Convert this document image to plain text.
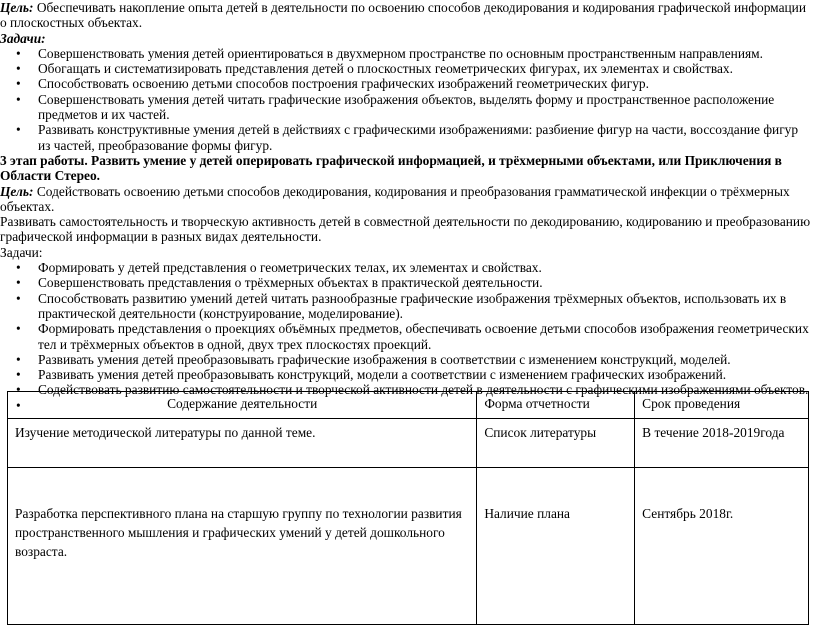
Цель: Обеспечивать накопление опыта детей в деятельности по освоению способов декодирования и кодирования графической информации о плоскостных объектах.

Задачи:

• Совершенствовать умения детей ориентироваться в двухмерном пространстве по основным пространственным направлениям.
• Обогащать и систематизировать представления детей о плоскостных геометрических фигурах, их элементах и свойствах.
• Способствовать освоению детьми способов построения графических изображений геометрических фигур.
• Совершенствовать умения детей читать графические изображения объектов, выделять форму и пространственное расположение предметов и их частей.
• Развивать конструктивные умения детей в действиях с графическими изображениями: разбиение фигур на части, воссоздание фигур из частей, преобразование формы фигур.

3 этап работы. Развить умение у детей оперировать графической информацией, и трёхмерными объектами, или Приключения в Области Стерео.

Цель: Содействовать освоению детьми способов декодирования, кодирования и преобразования грамматической инфекции о трёхмерных объектах.

Развивать самостоятельность и творческую активность детей в совместной деятельности по декодированию, кодированию и преобразованию графической информации в разных видах деятельности.

Задачи:

• Формировать у детей представления о геометрических телах, их элементах и свойствах.
• Совершенствовать представления о трёхмерных объектах в практической деятельности.
• Способствовать развитию умений детей читать разнообразные графические изображения трёхмерных объектов, использовать их в практической деятельности (конструирование, моделирование).
• Формировать представления о проекциях объёмных предметов, обеспечивать освоение детьми способов изображения геометрических тел и трёхмерных объектов в одной, двух трех плоскостях проекций.
• Развивать умения детей преобразовывать графические изображения в соответствии с изменением конструкций, моделей.
• Развивать умения детей преобразовывать конструкций, модели а соответствии с изменением графических изображений.
• Содействовать развитию самостоятельности и творческой активности детей в деятельности с графическими изображениями объектов.
•
	Содержание деятельности	Форма отчетности	Срок проведения
Изучение методической литературы по данной теме.	Список литературы	В течение 2018-2019года
Разработка перспективного плана на старшую группу по технологии развития пространственного мышления и графических умений у детей дошкольного возраста.	Наличие плана	Сентябрь 2018г.
